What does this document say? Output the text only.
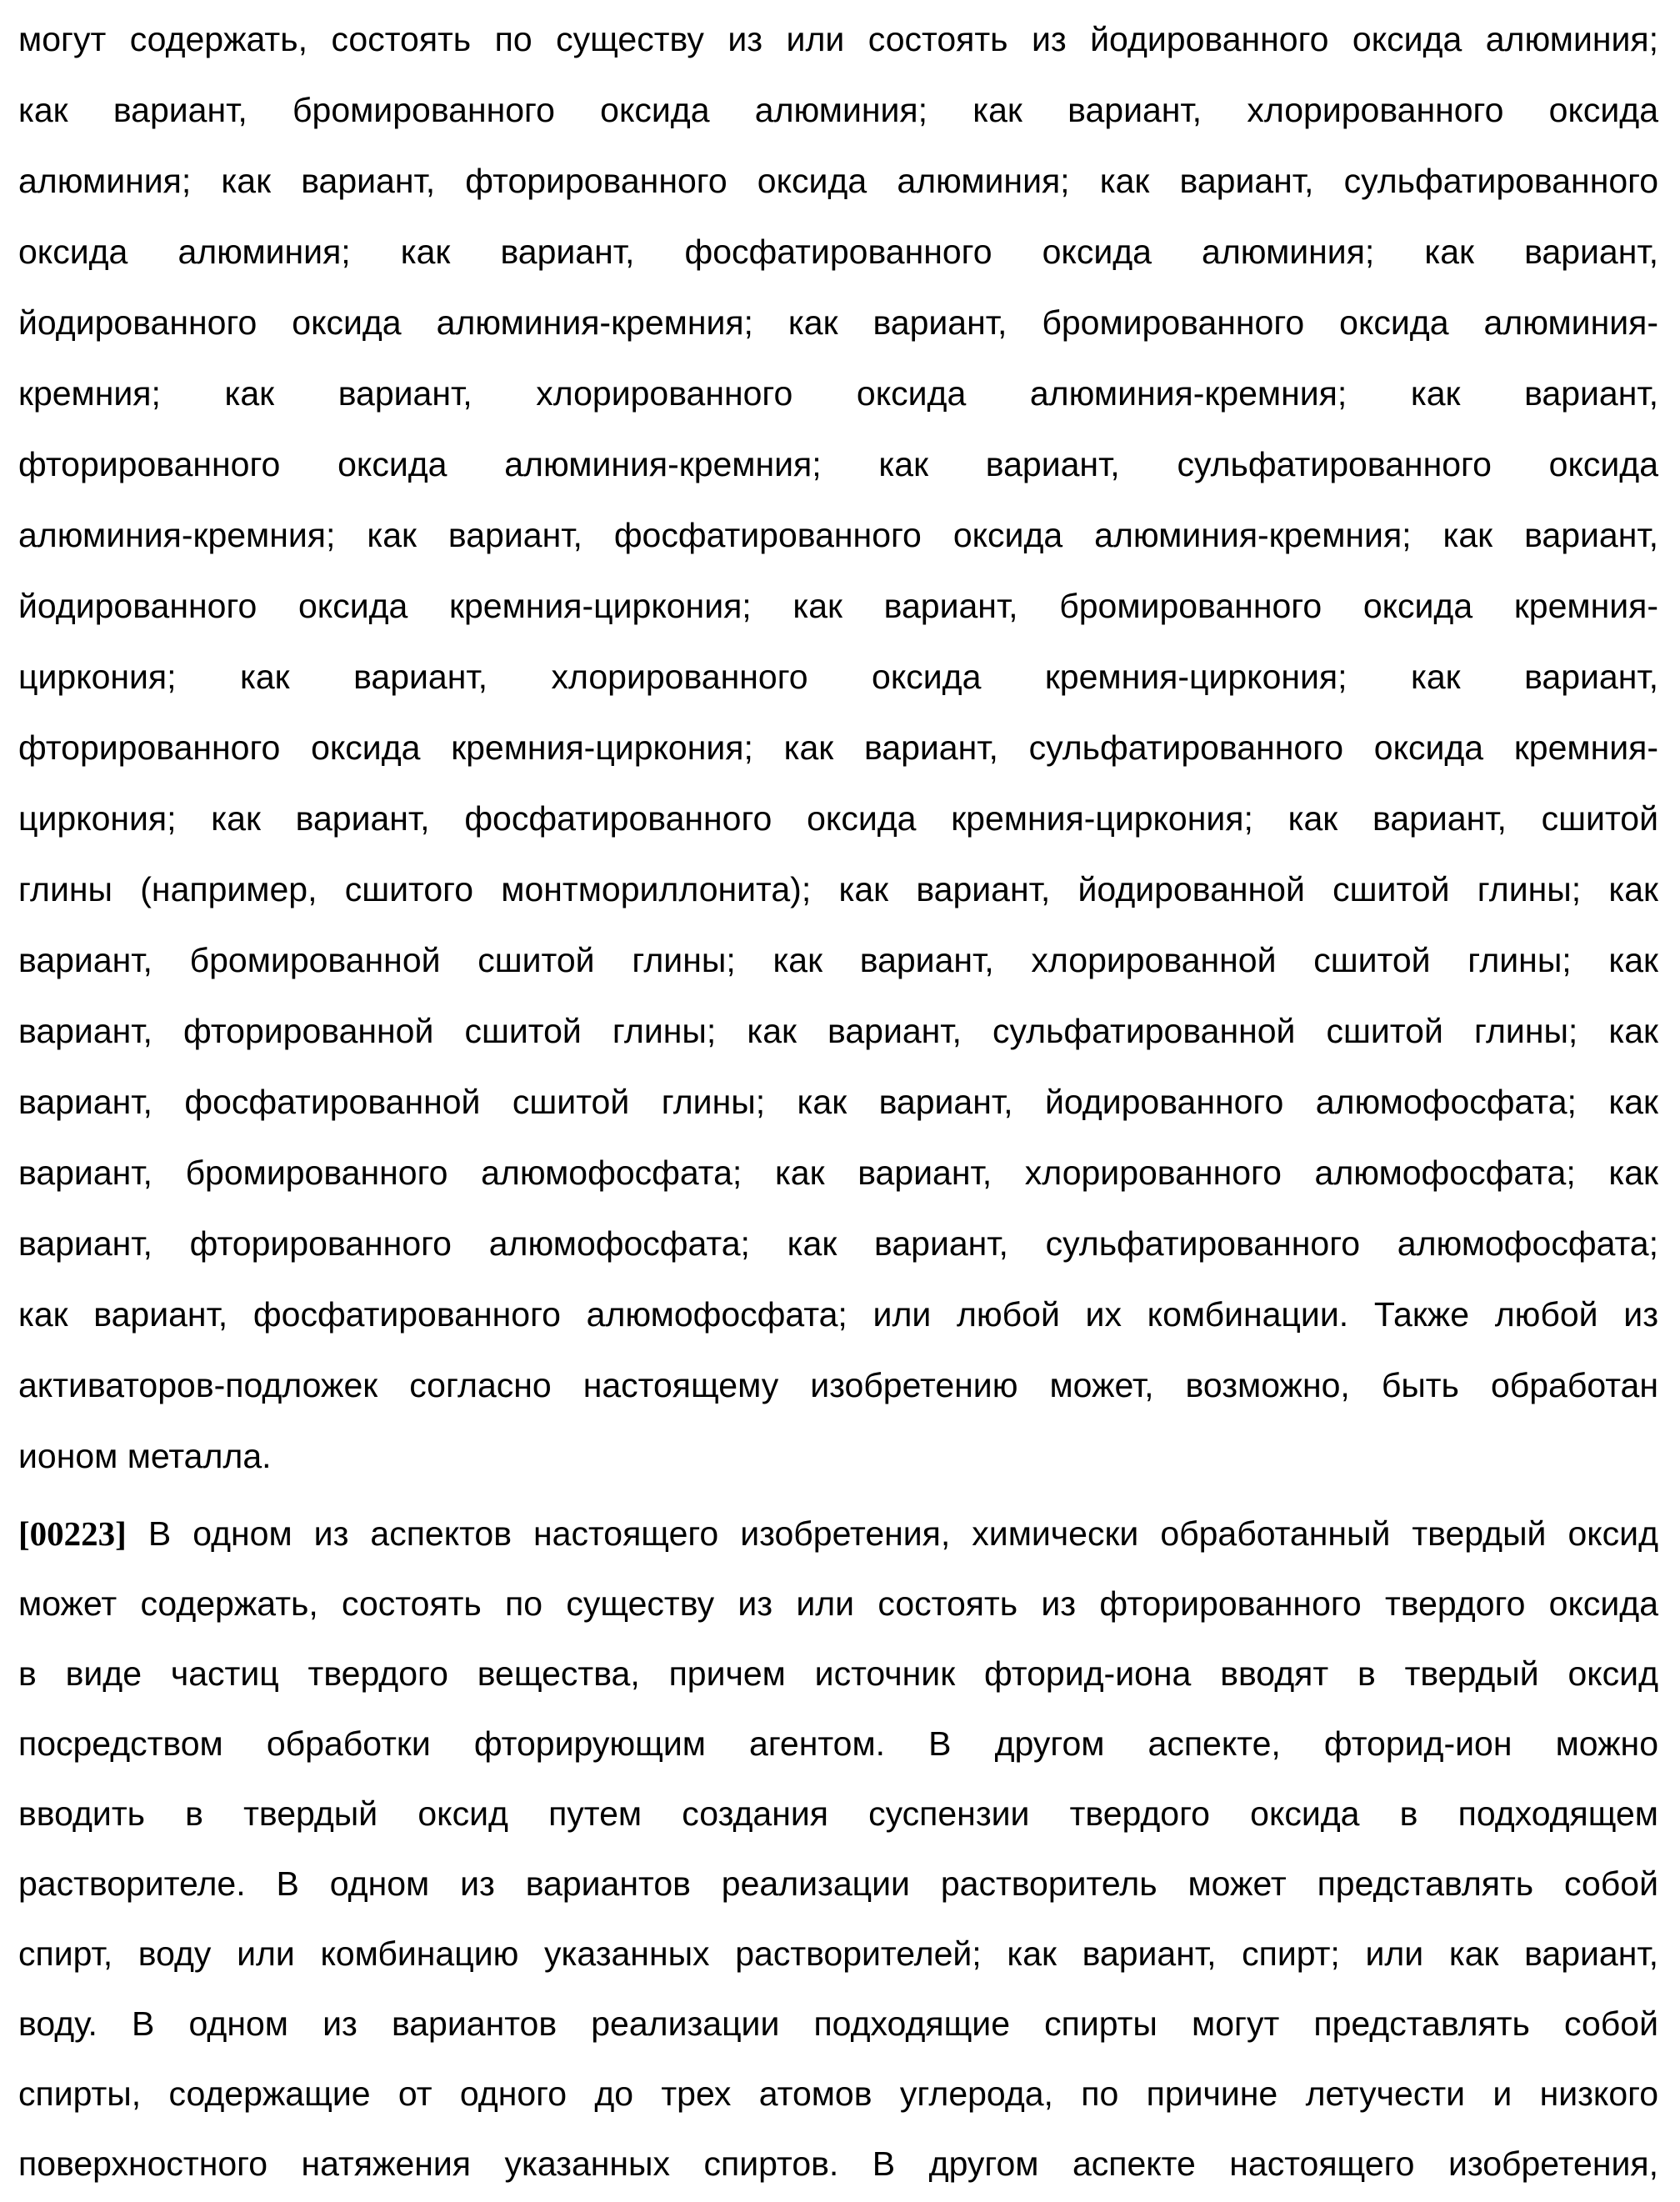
могут содержать, состоять по существу из или состоять из йодированного оксида алюминия;
как вариант, бромированного оксида алюминия; как вариант, хлорированного оксида
алюминия; как вариант, фторированного оксида алюминия; как вариант, сульфатированного
оксида алюминия; как вариант, фосфатированного оксида алюминия; как вариант,
йодированного оксида алюминия-кремния; как вариант, бромированного оксида алюминия-
кремния; как вариант, хлорированного оксида алюминия-кремния; как вариант,
фторированного оксида алюминия-кремния; как вариант, сульфатированного оксида
алюминия-кремния; как вариант, фосфатированного оксида алюминия-кремния; как вариант,
йодированного оксида кремния-циркония; как вариант, бромированного оксида кремния-
циркония; как вариант, хлорированного оксида кремния-циркония; как вариант,
фторированного оксида кремния-циркония; как вариант, сульфатированного оксида кремния-
циркония; как вариант, фосфатированного оксида кремния-циркония; как вариант, сшитой
глины (например, сшитого монтмориллонита); как вариант, йодированной сшитой глины; как
вариант, бромированной сшитой глины; как вариант, хлорированной сшитой глины; как
вариант, фторированной сшитой глины; как вариант, сульфатированной сшитой глины; как
вариант, фосфатированной сшитой глины; как вариант, йодированного алюмофосфата; как
вариант, бромированного алюмофосфата; как вариант, хлорированного алюмофосфата; как
вариант, фторированного алюмофосфата; как вариант, сульфатированного алюмофосфата;
как вариант, фосфатированного алюмофосфата; или любой их комбинации. Также любой из
активаторов-подложек согласно настоящему изобретению может, возможно, быть обработан
ионом металла.
[00223] В одном из аспектов настоящего изобретения, химически обработанный твердый оксид
может содержать, состоять по существу из или состоять из фторированного твердого оксида
в виде частиц твердого вещества, причем источник фторид-иона вводят в твердый оксид
посредством обработки фторирующим агентом. В другом аспекте, фторид-ион можно
вводить в твердый оксид путем создания суспензии твердого оксида в подходящем
растворителе. В одном из вариантов реализации растворитель может представлять собой
спирт, воду или комбинацию указанных растворителей; как вариант, спирт; или как вариант,
воду. В одном из вариантов реализации подходящие спирты могут представлять собой
спирты, содержащие от одного до трех атомов углерода, по причине летучести и низкого
поверхностного натяжения указанных спиртов. В другом аспекте настоящего изобретения,
